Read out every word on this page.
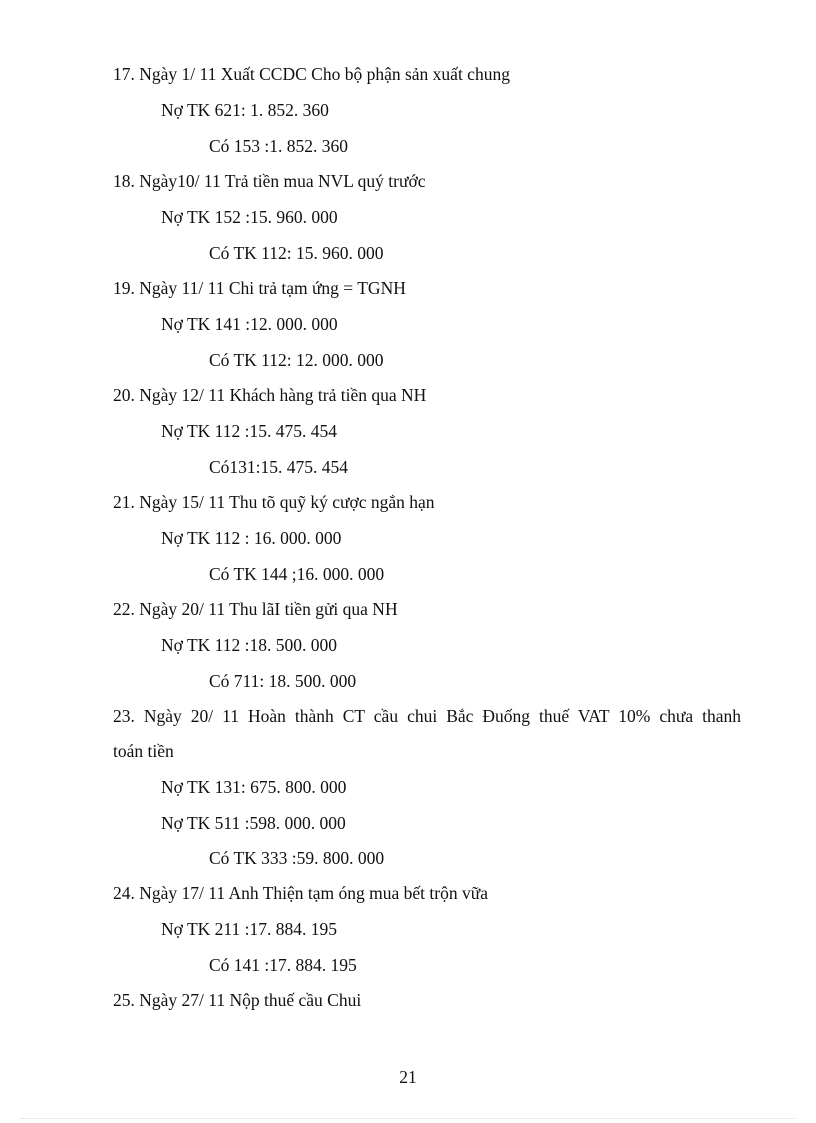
17. Ngày 1/ 11 Xuất CCDC Cho bộ phận sản xuất chung
Nợ TK 621: 1. 852. 360
Có 153 :1. 852. 360
18. Ngày10/ 11 Trả tiền mua NVL quý trước
Nợ TK 152 :15. 960. 000
Có TK 112: 15. 960. 000
19. Ngày 11/ 11 Chi trả tạm ứng = TGNH
Nợ TK 141 :12. 000. 000
Có TK 112: 12. 000. 000
20. Ngày 12/ 11 Khách hàng trả tiền qua NH
Nợ TK 112 :15. 475. 454
Có131:15. 475. 454
21. Ngày 15/ 11 Thu tõ quỹ ký cược ngắn hạn
Nợ TK 112 : 16. 000. 000
Có TK 144 ;16. 000. 000
22. Ngày 20/ 11 Thu lãI tiền gửi qua NH
Nợ TK 112 :18. 500. 000
Có 711: 18. 500. 000
23. Ngày 20/ 11 Hoàn thành CT cầu chui Bắc Đuống thuế VAT 10% chưa thanh
toán tiền
Nợ TK 131: 675. 800. 000
Nợ TK 511 :598. 000. 000
Có TK 333 :59. 800. 000
24. Ngày 17/ 11 Anh Thiện tạm óng mua bết trộn vữa
Nợ TK 211 :17. 884. 195
Có 141 :17. 884. 195
25. Ngày 27/ 11 Nộp thuế cầu Chui
21
